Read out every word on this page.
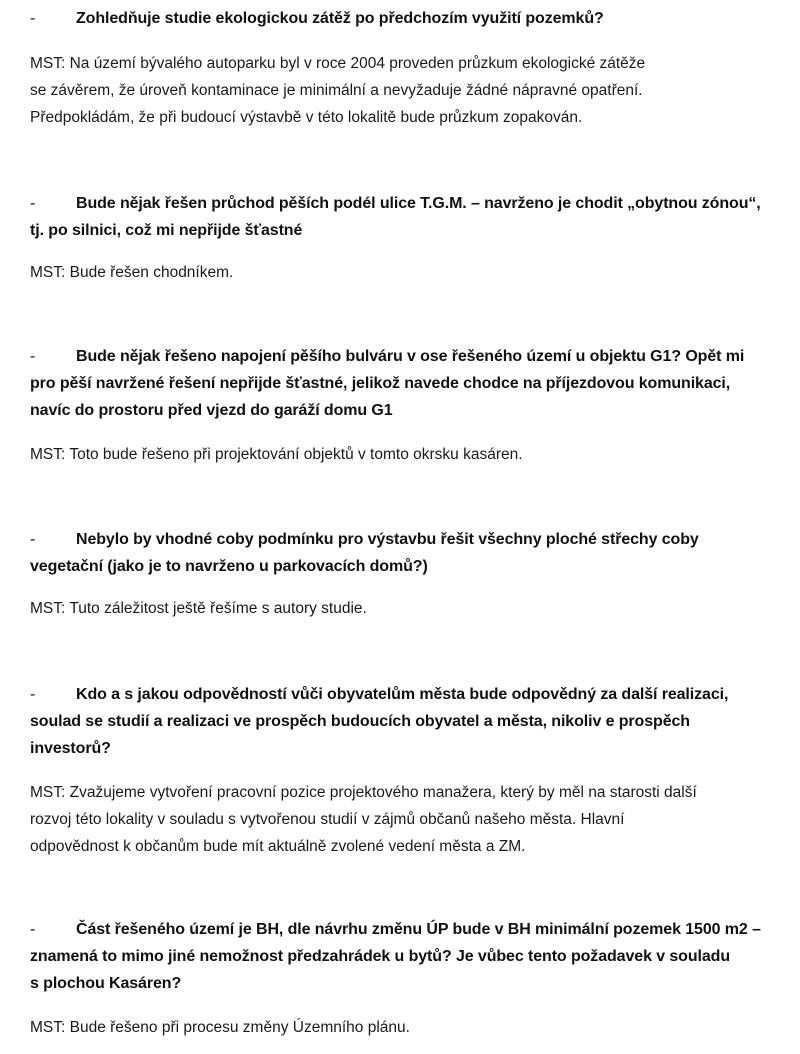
-	Zohledňuje studie ekologickou zátěž po předchozím využití pozemků?

MST: Na území bývalého autoparku byl v roce 2004 proveden průzkum ekologické zátěže
se závěrem, že úroveň kontaminace je minimální a nevyžaduje žádné nápravné opatření.
Předpokládám, že při budoucí výstavbě v této lokalitě bude průzkum zopakován.

-	Bude nějak řešen průchod pěších podél ulice T.G.M. – navrženo je chodit „obytnou zónou“,
tj. po silnici, což mi nepřijde šťastné

MST: Bude řešen chodníkem.

-	Bude nějak řešeno napojení pěšího bulváru v ose řešeného území u objektu G1? Opět mi
pro pěší navržené řešení nepřijde šťastné, jelikož navede chodce na příjezdovou komunikaci,
navíc do prostoru před vjezd do garáží domu G1

MST: Toto bude řešeno při projektování objektů v tomto okrsku kasáren.

-	Nebylo by vhodné coby podmínku pro výstavbu řešit všechny ploché střechy coby
vegetační (jako je to navrženo u parkovacích domů?)

MST: Tuto záležitost ještě řešíme s autory studie.

-	Kdo a s jakou odpovědností vůči obyvatelům města bude odpovědný za další realizaci,
soulad se studií a realizaci ve prospěch budoucích obyvatel a města, nikoliv e prospěch
investorů?

MST: Zvažujeme vytvoření pracovní pozice projektového manažera, který by měl na starosti další
rozvoj této lokality v souladu s vytvořenou studií v zájmů občanů našeho města. Hlavní
odpovědnost k občanům bude mít aktuálně zvolené vedení města a ZM.

-	Část řešeného území je BH, dle návrhu změnu ÚP bude v BH minimální pozemek 1500 m2 –
znamená to mimo jiné nemožnost předzahrádek u bytů? Je vůbec tento požadavek v souladu
s plochou Kasáren?

MST: Bude řešeno při procesu změny Územního plánu.
